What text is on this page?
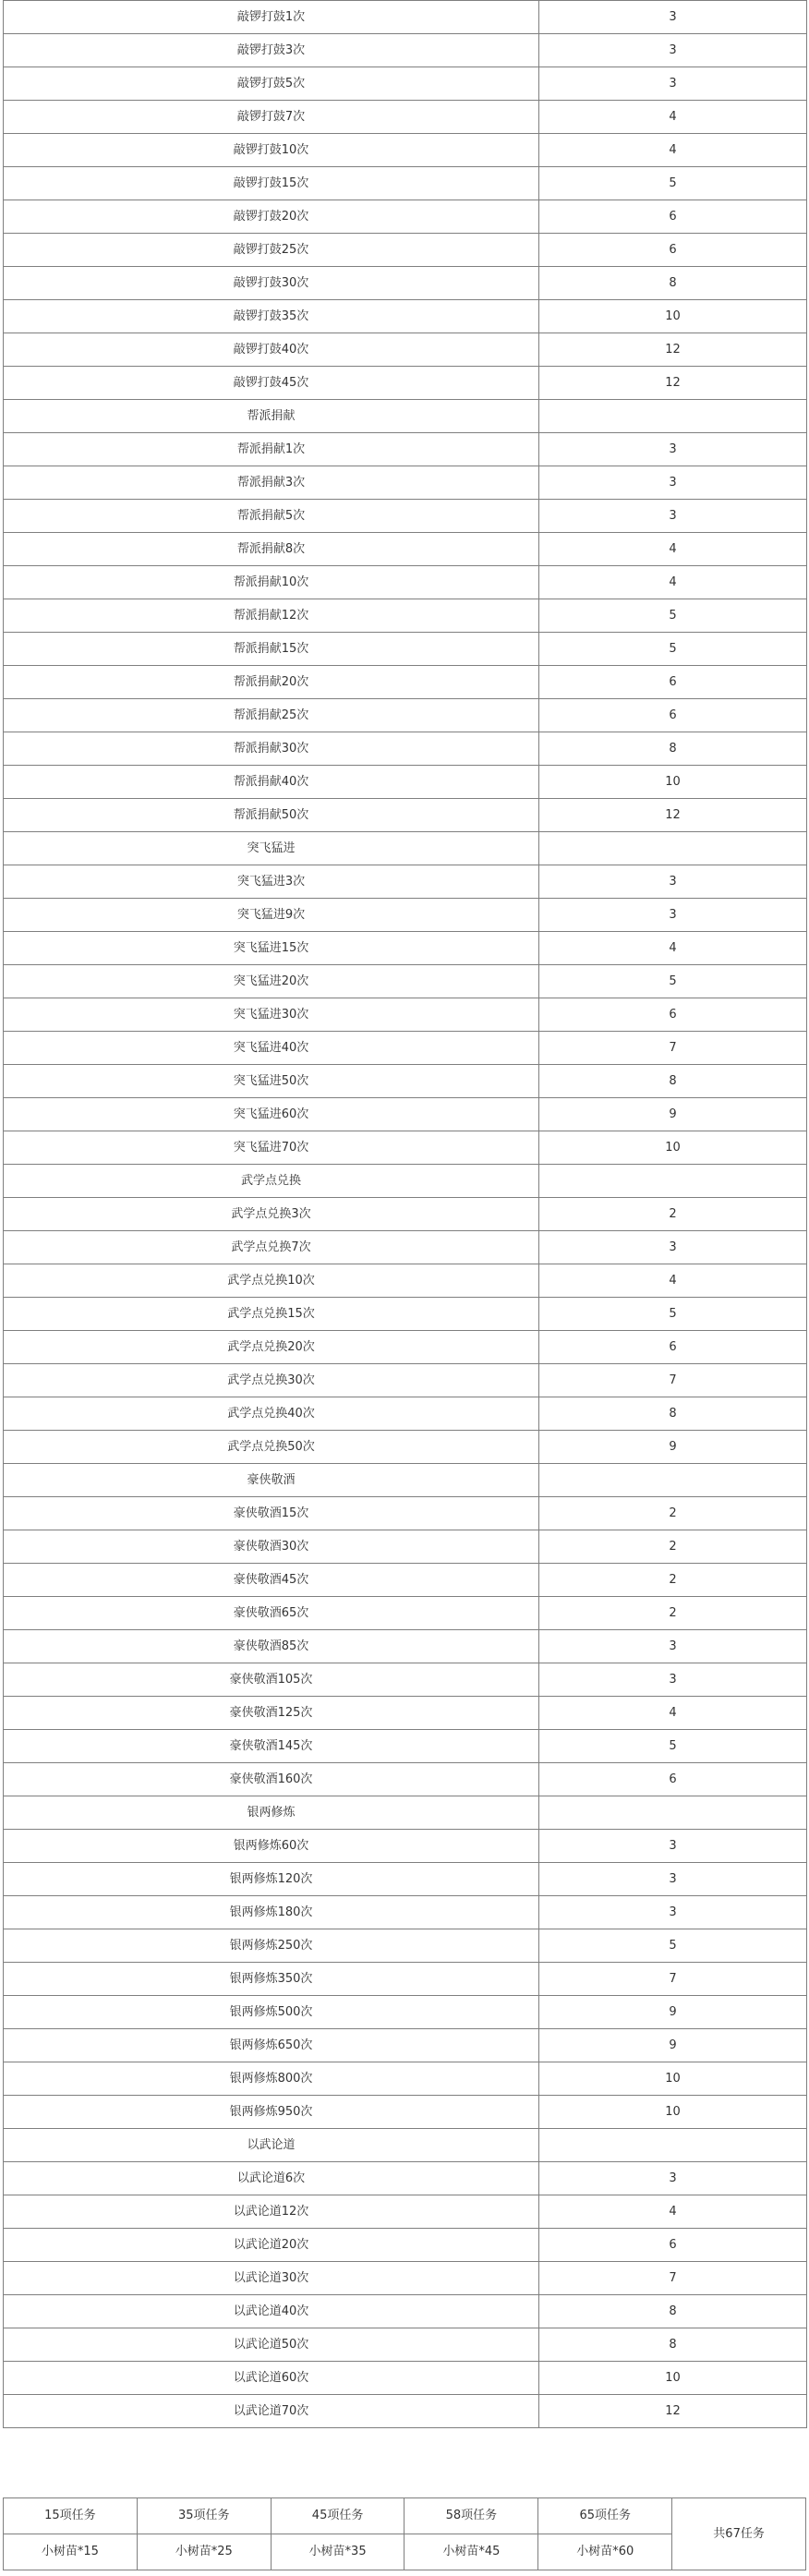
敲锣打鼓1次	3
敲锣打鼓3次	3
敲锣打鼓5次	3
敲锣打鼓7次	4
敲锣打鼓10次	4
敲锣打鼓15次	5
敲锣打鼓20次	6
敲锣打鼓25次	6
敲锣打鼓30次	8
敲锣打鼓35次	10
敲锣打鼓40次	12
敲锣打鼓45次	12
帮派捐献	
帮派捐献1次	3
帮派捐献3次	3
帮派捐献5次	3
帮派捐献8次	4
帮派捐献10次	4
帮派捐献12次	5
帮派捐献15次	5
帮派捐献20次	6
帮派捐献25次	6
帮派捐献30次	8
帮派捐献40次	10
帮派捐献50次	12
突飞猛进	
突飞猛进3次	3
突飞猛进9次	3
突飞猛进15次	4
突飞猛进20次	5
突飞猛进30次	6
突飞猛进40次	7
突飞猛进50次	8
突飞猛进60次	9
突飞猛进70次	10
武学点兑换	
武学点兑换3次	2
武学点兑换7次	3
武学点兑换10次	4
武学点兑换15次	5
武学点兑换20次	6
武学点兑换30次	7
武学点兑换40次	8
武学点兑换50次	9
豪侠敬酒	
豪侠敬酒15次	2
豪侠敬酒30次	2
豪侠敬酒45次	2
豪侠敬酒65次	2
豪侠敬酒85次	3
豪侠敬酒105次	3
豪侠敬酒125次	4
豪侠敬酒145次	5
豪侠敬酒160次	6
银两修炼	
银两修炼60次	3
银两修炼120次	3
银两修炼180次	3
银两修炼250次	5
银两修炼350次	7
银两修炼500次	9
银两修炼650次	9
银两修炼800次	10
银两修炼950次	10
以武论道	
以武论道6次	3
以武论道12次	4
以武论道20次	6
以武论道30次	7
以武论道40次	8
以武论道50次	8
以武论道60次	10
以武论道70次	12
15项任务	35项任务	45项任务	58项任务	65项任务	共67任务
小树苗*15	小树苗*25	小树苗*35	小树苗*45	小树苗*60	
